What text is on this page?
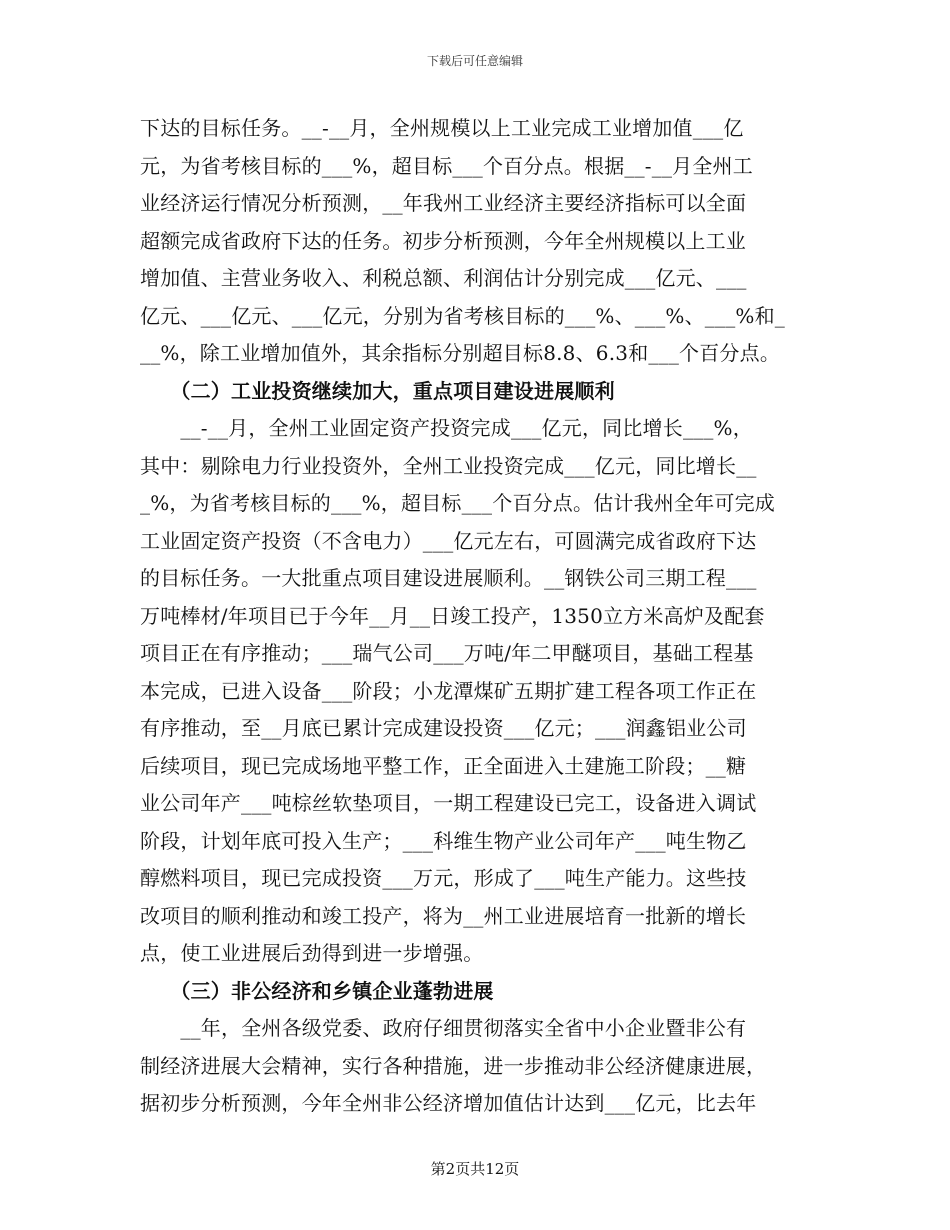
下载后可任意编辑
下达的目标任务。__-__月，全州规模以上工业完成工业增加值___亿
元，为省考核目标的___%，超目标___个百分点。根据__-__月全州工
业经济运行情况分析预测，__年我州工业经济主要经济指标可以全面
超额完成省政府下达的任务。初步分析预测，今年全州规模以上工业
增加值、主营业务收入、利税总额、利润估计分别完成___亿元、___
亿元、___亿元、___亿元，分别为省考核目标的___%、___%、___%和_
__%，除工业增加值外，其余指标分别超目标8.8、6.3和___个百分点。
　　（二）工业投资继续加大，重点项目建设进展顺利
　　__-__月，全州工业固定资产投资完成___亿元，同比增长___%，
其中：剔除电力行业投资外，全州工业投资完成___亿元，同比增长__
_%，为省考核目标的___%，超目标___个百分点。估计我州全年可完成
工业固定资产投资（不含电力）___亿元左右，可圆满完成省政府下达
的目标任务。一大批重点项目建设进展顺利。__钢铁公司三期工程___
万吨棒材/年项目已于今年__月__日竣工投产，1350立方米高炉及配套
项目正在有序推动；___瑞气公司___万吨/年二甲醚项目，基础工程基
本完成，已进入设备___阶段；小龙潭煤矿五期扩建工程各项工作正在
有序推动，至__月底已累计完成建设投资___亿元；___润鑫铝业公司
后续项目，现已完成场地平整工作，正全面进入土建施工阶段；__糖
业公司年产___吨棕丝软垫项目，一期工程建设已完工，设备进入调试
阶段，计划年底可投入生产；___科维生物产业公司年产___吨生物乙
醇燃料项目，现已完成投资___万元，形成了___吨生产能力。这些技
改项目的顺利推动和竣工投产，将为__州工业进展培育一批新的增长
点，使工业进展后劲得到进一步增强。
　　（三）非公经济和乡镇企业蓬勃进展
　　__年，全州各级党委、政府仔细贯彻落实全省中小企业暨非公有
制经济进展大会精神，实行各种措施，进一步推动非公经济健康进展，
据初步分析预测，今年全州非公经济增加值估计达到___亿元，比去年
第2页共12页
